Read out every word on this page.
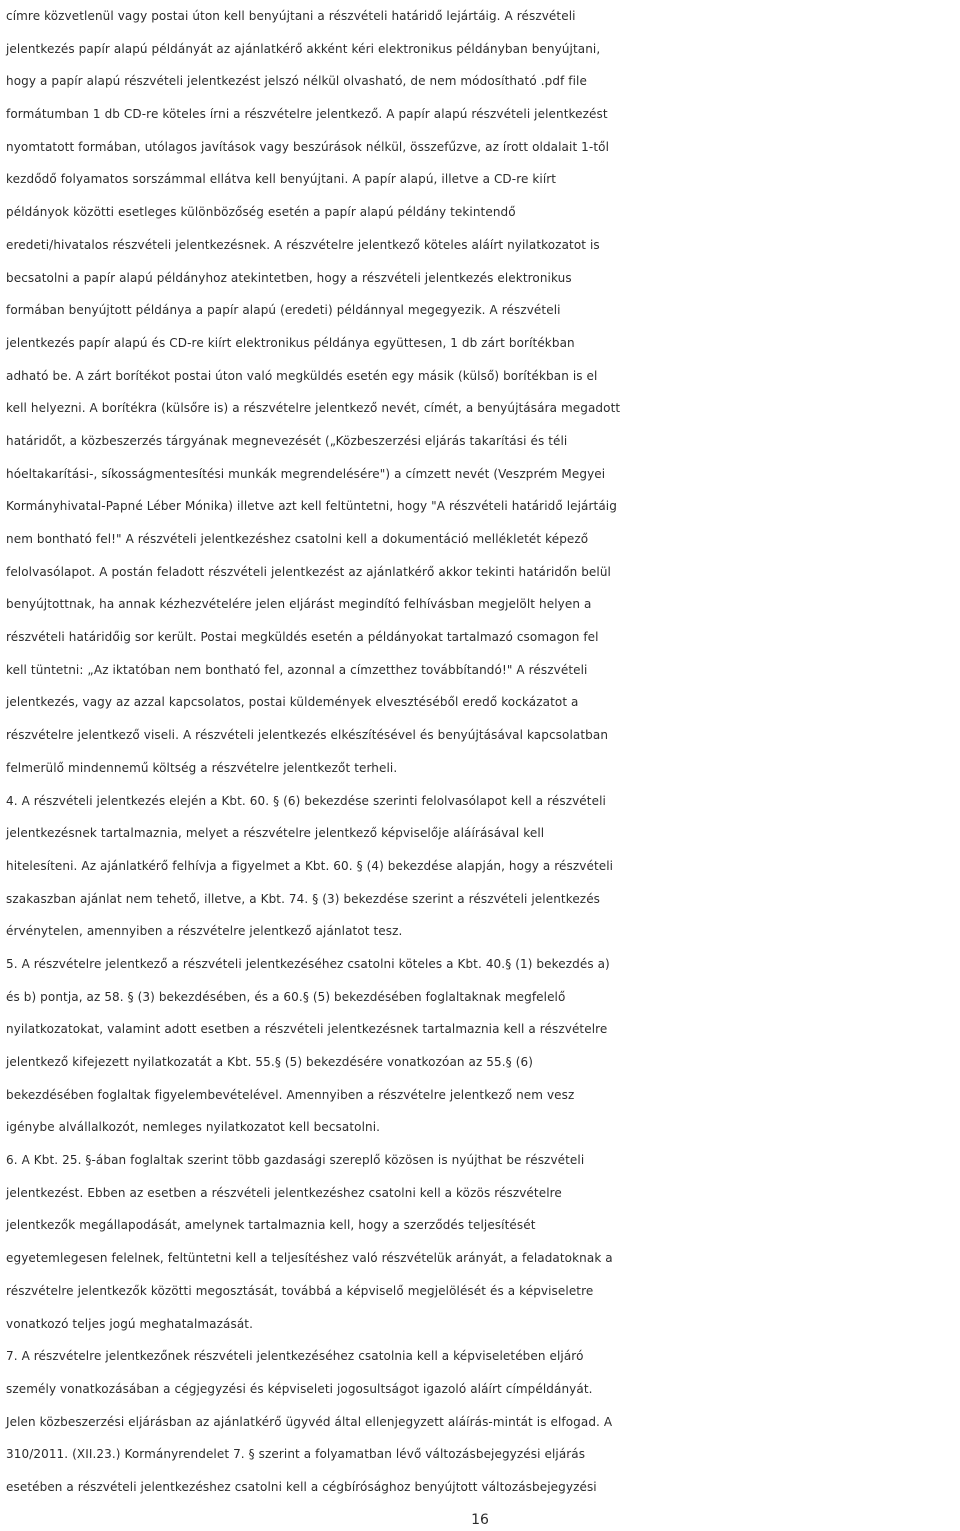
címre közvetlenül vagy postai úton kell benyújtani a részvételi határidő lejártáig. A részvételi
jelentkezés papír alapú példányát az ajánlatkérő akként kéri elektronikus példányban benyújtani,
hogy a papír alapú részvételi jelentkezést jelszó nélkül olvasható, de nem módosítható .pdf file
formátumban 1 db CD-re köteles írni a részvételre jelentkező. A papír alapú részvételi jelentkezést
nyomtatott formában, utólagos javítások vagy beszúrások nélkül, összefűzve, az írott oldalait 1-től
kezdődő folyamatos sorszámmal ellátva kell benyújtani. A papír alapú, illetve a CD-re kiírt
példányok közötti esetleges különbözőség esetén a papír alapú példány tekintendő
eredeti/hivatalos részvételi jelentkezésnek. A részvételre jelentkező köteles aláírt nyilatkozatot is
becsatolni a papír alapú példányhoz atekintetben, hogy a részvételi jelentkezés elektronikus
formában benyújtott példánya a papír alapú (eredeti) példánnyal megegyezik. A részvételi
jelentkezés papír alapú és CD-re kiírt elektronikus példánya együttesen, 1 db zárt borítékban
adható be. A zárt borítékot postai úton való megküldés esetén egy másik (külső) borítékban is el
kell helyezni. A borítékra (külsőre is) a részvételre jelentkező nevét, címét, a benyújtására megadott
határidőt, a közbeszerzés tárgyának megnevezését („Közbeszerzési eljárás takarítási és téli
hóeltakarítási-, síkosságmentesítési munkák megrendelésére") a címzett nevét (Veszprém Megyei
Kormányhivatal-Papné Léber Mónika) illetve azt kell feltüntetni, hogy "A részvételi határidő lejártáig
nem bontható fel!" A részvételi jelentkezéshez csatolni kell a dokumentáció mellékletét képező
felolvasólapot. A postán feladott részvételi jelentkezést az ajánlatkérő akkor tekinti határidőn belül
benyújtottnak, ha annak kézhezvételére jelen eljárást megindító felhívásban megjelölt helyen a
részvételi határidőig sor került. Postai megküldés esetén a példányokat tartalmazó csomagon fel
kell tüntetni: „Az iktatóban nem bontható fel, azonnal a címzetthez továbbítandó!" A részvételi
jelentkezés, vagy az azzal kapcsolatos, postai küldemények elvesztéséből eredő kockázatot a
részvételre jelentkező viseli. A részvételi jelentkezés elkészítésével és benyújtásával kapcsolatban
felmerülő mindennemű költség a részvételre jelentkezőt terheli.
4. A részvételi jelentkezés elején a Kbt. 60. § (6) bekezdése szerinti felolvasólapot kell a részvételi
jelentkezésnek tartalmaznia, melyet a részvételre jelentkező képviselője aláírásával kell
hitelesíteni. Az ajánlatkérő felhívja a figyelmet a Kbt. 60. § (4) bekezdése alapján, hogy a részvételi
szakaszban ajánlat nem tehető, illetve, a Kbt. 74. § (3) bekezdése szerint a részvételi jelentkezés
érvénytelen, amennyiben a részvételre jelentkező ajánlatot tesz.
5. A részvételre jelentkező a részvételi jelentkezéséhez csatolni köteles a Kbt. 40.§ (1) bekezdés a)
és b) pontja, az 58. § (3) bekezdésében, és a 60.§ (5) bekezdésében foglaltaknak megfelelő
nyilatkozatokat, valamint adott esetben a részvételi jelentkezésnek tartalmaznia kell a részvételre
jelentkező kifejezett nyilatkozatát a Kbt. 55.§ (5) bekezdésére vonatkozóan az 55.§ (6)
bekezdésében foglaltak figyelembevételével. Amennyiben a részvételre jelentkező nem vesz
igénybe alvállalkozót, nemleges nyilatkozatot kell becsatolni.
6. A Kbt. 25. §-ában foglaltak szerint több gazdasági szereplő közösen is nyújthat be részvételi
jelentkezést. Ebben az esetben a részvételi jelentkezéshez csatolni kell a közös részvételre
jelentkezők megállapodását, amelynek tartalmaznia kell, hogy a szerződés teljesítését
egyetemlegesen felelnek, feltüntetni kell a teljesítéshez való részvételük arányát, a feladatoknak a
részvételre jelentkezők közötti megosztását, továbbá a képviselő megjelölését és a képviseletre
vonatkozó teljes jogú meghatalmazását.
7. A részvételre jelentkezőnek részvételi jelentkezéséhez csatolnia kell a képviseletében eljáró
személy vonatkozásában a cégjegyzési és képviseleti jogosultságot igazoló aláírt címpéldányát.
Jelen közbeszerzési eljárásban az ajánlatkérő ügyvéd által ellenjegyzett aláírás-mintát is elfogad. A
310/2011. (XII.23.) Kormányrendelet 7. § szerint a folyamatban lévő változásbejegyzési eljárás
esetében a részvételi jelentkezéshez csatolni kell a cégbírósághoz benyújtott változásbejegyzési
16
